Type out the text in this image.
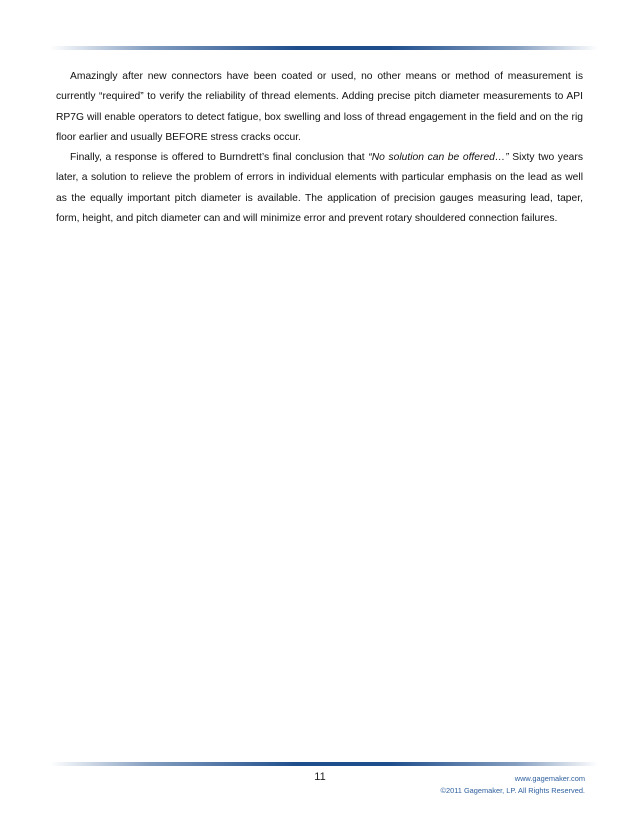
Amazingly after new connectors have been coated or used, no other means or method of measurement is currently “required” to verify the reliability of thread elements. Adding precise pitch diameter measurements to API RP7G will enable operators to detect fatigue, box swelling and loss of thread engagement in the field and on the rig floor earlier and usually BEFORE stress cracks occur.

Finally, a response is offered to Burndrett’s final conclusion that “No solution can be offered…” Sixty two years later, a solution to relieve the problem of errors in individual elements with particular emphasis on the lead as well as the equally important pitch diameter is available. The application of precision gauges measuring lead, taper, form, height, and pitch diameter can and will minimize error and prevent rotary shouldered connection failures.

11	www.gagemaker.com
©2011 Gagemaker, LP. All Rights Reserved.
